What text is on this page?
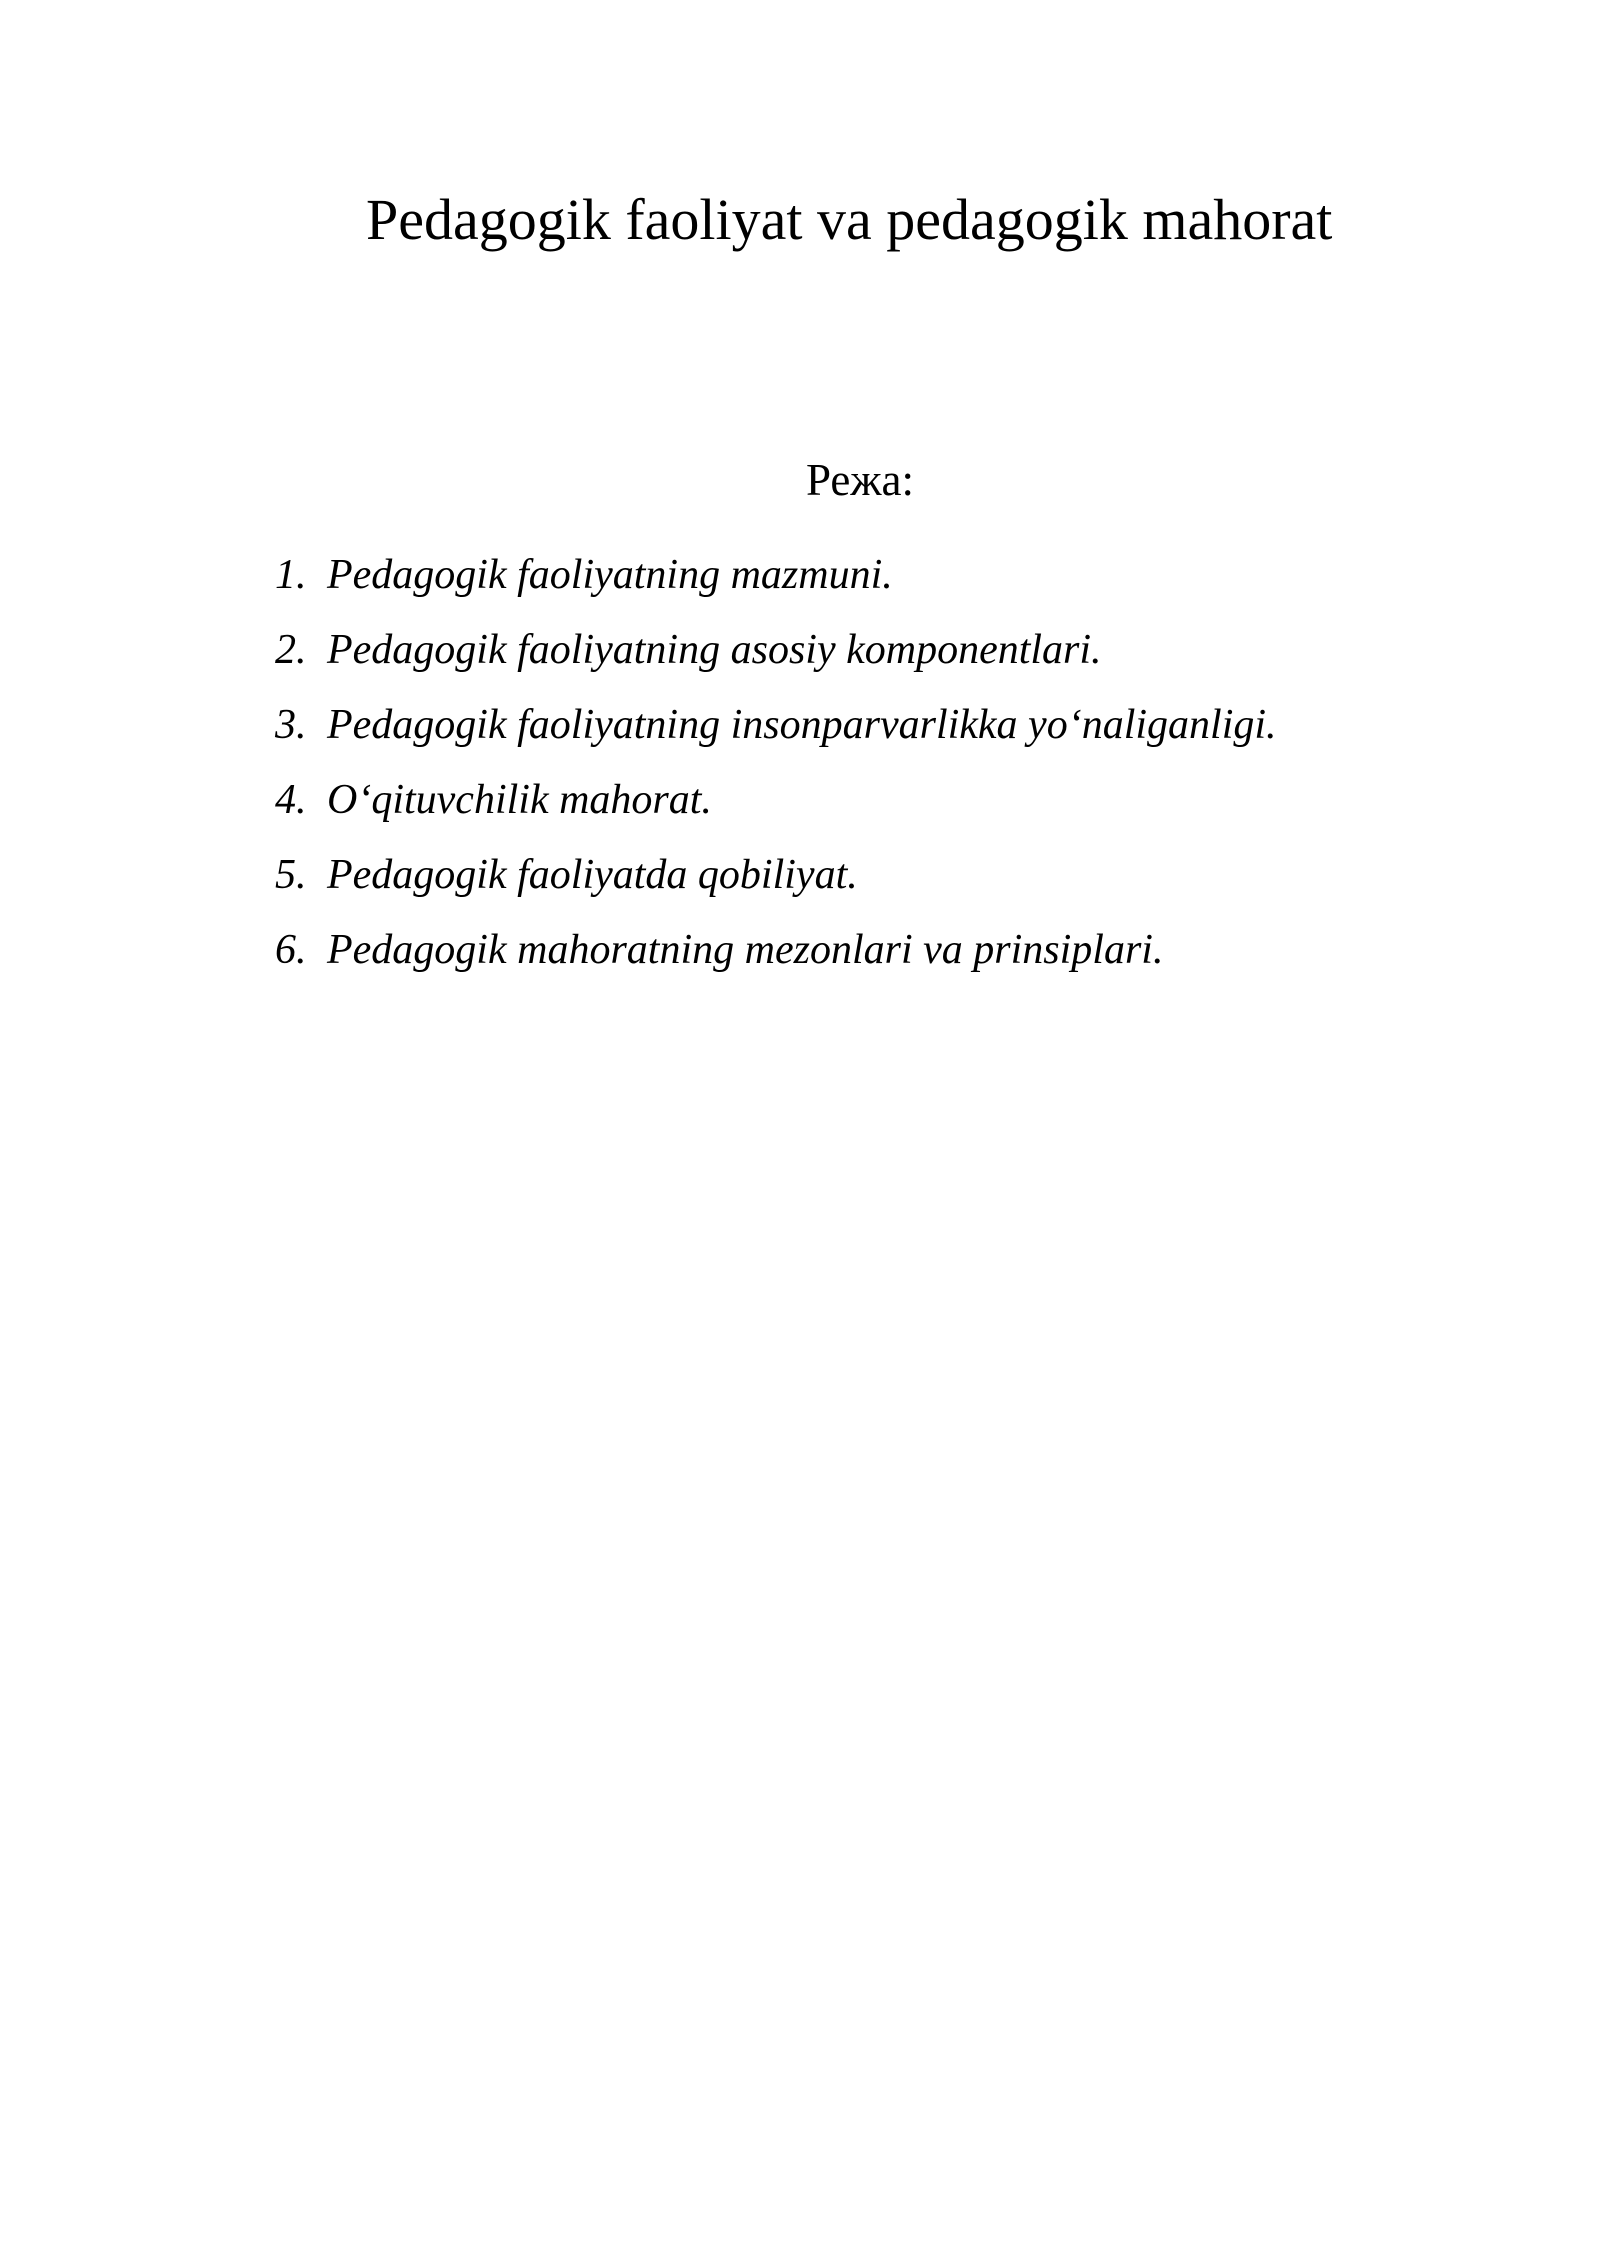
Pedagogik faoliyat va pedagogik mahorat
Режа:
1. Pedagogik faoliyatning mazmuni.
2. Pedagogik faoliyatning asosiy komponentlari.
3. Pedagogik faoliyatning insonparvarlikka yo‘naliganligi.
4. O‘qituvchilik mahorat.
5. Pedagogik faoliyatda qobiliyat.
6. Pedagogik mahoratning mezonlari va prinsiplari.
